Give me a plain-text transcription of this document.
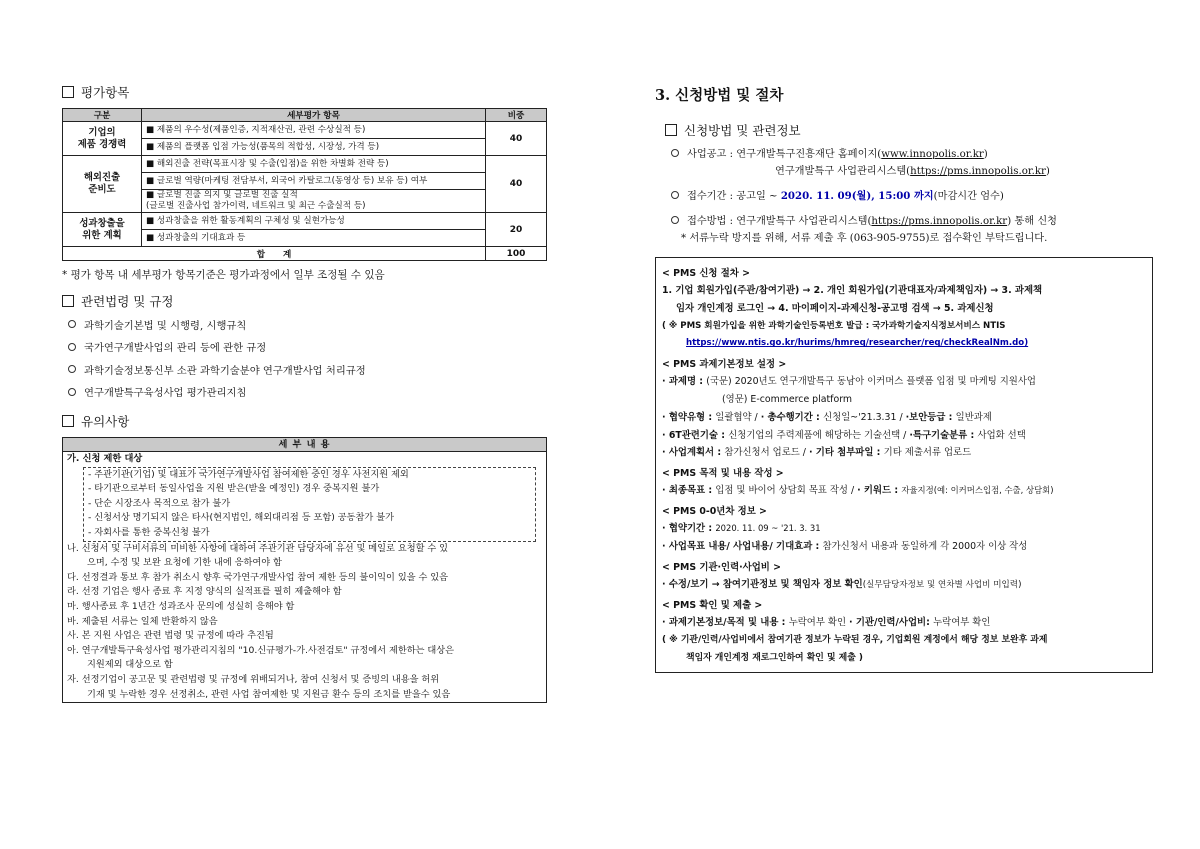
평가항목
구분	세부평가 항목	비중
기업의
제품 경쟁력	■ 제품의 우수성(제품인증, 지적재산권, 관련 수상실적 등)	40
	■ 제품의 플랫폼 입점 가능성(품목의 적합성, 시장성, 가격 등)	
해외진출
준비도	■ 해외진출 전략(목표시장 및 수출(입점)을 위한 차별화 전략 등)	40
	■ 글로벌 역량(마케팅 전담부서, 외국어 카탈로그(동영상 등) 보유 등) 여부	
	■ 글로벌 진출 의지 및 글로벌 진출 실적
(글로벌 진출사업 참가이력, 네트워크 및 최근 수출실적 등)	
성과창출을
위한 계획	■ 성과창출을 위한 활동계획의 구체성 및 실현가능성	20
	■ 성과창출의 기대효과 등	
합      계		100
* 평가 항목 내 세부평가 항목기준은 평가과정에서 일부 조정될 수 있음
관련법령 및 규정
과학기술기본법 및 시행령, 시행규칙
국가연구개발사업의 관리 등에 관한 규정
과학기술정보통신부 소관 과학기술분야 연구개발사업 처리규정
연구개발특구육성사업 평가관리지침
유의사항
세 부 내 용
가. 신청 제한 대상
- 주관기관(기업) 및 대표가 국가연구개발사업 참여제한 중인 경우 사전지원 제외
- 타기관으로부터 동일사업을 지원 받은(받을 예정인) 경우 중복지원 불가
- 단순 시장조사 목적으로 참가 불가
- 신청서상 명기되지 않은 타사(현지법인, 해외대리점 등 포함) 공동참가 불가
- 자회사를 통한 중복신청 불가
나. 신청서 및 구비서류의 미비한 사항에 대하여 주관기관 담당자에 유선 및 메일로 요청할 수 있
으며, 수정 및 보완 요청에 기한 내에 응하여야 함
다. 선정결과 통보 후 참가 취소시 향후 국가연구개발사업 참여 제한 등의 불이익이 있을 수 있음
라. 선정 기업은 행사 종료 후 지정 양식의 실적표를 필히 제출해야 함
마. 행사종료 후 1년간 성과조사 문의에 성실히 응해야 함
바. 제출된 서류는 일체 반환하지 않음
사. 본 지원 사업은 관련 법령 및 규정에 따라 추진됨
아. 연구개발특구육성사업 평가관리지침의 "10.신규평가-가.사전검토" 규정에서 제한하는 대상은
지원제외 대상으로 함
자. 선정기업이 공고문 및 관련법령 및 규정에 위배되거나, 참여 신청서 및 증빙의 내용을 허위
기재 및 누락한 경우 선정취소, 관련 사업 참여제한 및 지원금 환수 등의 조치를 받을수 있음
3. 신청방법 및 절차
신청방법 및 관련정보
사업공고 : 연구개발특구진흥재단 홈페이지(www.innopolis.or.kr)
연구개발특구 사업관리시스템(https://pms.innopolis.or.kr)
접수기간 : 공고일 ~ 2020. 11. 09(월), 15:00 까지(마감시간 엄수)
접수방법 : 연구개발특구 사업관리시스템(https://pms.innopolis.or.kr) 통해 신청
* 서류누락 방지를 위해, 서류 제출 후 (063-905-9755)로 접수확인 부탁드립니다.
< PMS 신청 절차 >
1. 기업 회원가입(주관/참여기관) → 2. 개인 회원가입(기관대표자/과제책임자) → 3. 과제책
임자 개인계정 로그인 → 4. 마이페이지-과제신청-공고명 검색 → 5. 과제신청
( ※ PMS 회원가입을 위한 과학기술인등록번호 발급 : 국가과학기술지식정보서비스 NTIS
https://www.ntis.go.kr/hurims/hmreq/researcher/req/checkRealNm.do)
< PMS 과제기본정보 설정 >
· 과제명 : (국문) 2020년도 연구개발특구 동남아 이커머스 플랫폼 입점 및 마케팅 지원사업
(영문) E-commerce platform
· 협약유형 : 일괄협약 / · 총수행기간 : 신청일~'21.3.31 / ·보안등급 : 일반과제
· 6T관련기술 : 신청기업의 주력제품에 해당하는 기술선택 / ·특구기술분류 : 사업화 선택
· 사업계획서 : 참가신청서 업로드 / · 기타 첨부파일 : 기타 제출서류 업로드
< PMS 목적 및 내용 작성 >
· 최종목표 : 입점 및 바이어 상담회 목표 작성 / · 키워드 : 자율지정(예: 이커머스입점, 수출, 상담회)
< PMS 0-0년차 정보 >
· 협약기간 : 2020. 11. 09 ~ '21. 3. 31
· 사업목표 내용/ 사업내용/ 기대효과 : 참가신청서 내용과 동일하게 각 2000자 이상 작성
< PMS 기관·인력·사업비 >
· 수정/보기 → 참여기관정보 및 책임자 정보 확인(실무담당자정보 및 연차별 사업비 미입력)
< PMS 확인 및 제출 >
· 과제기본정보/목적 및 내용 : 누락여부 확인 · 기관/인력/사업비: 누락여부 확인
( ※ 기관/인력/사업비에서 참여기관 정보가 누락된 경우, 기업회원 계정에서 해당 정보 보완후 과제
책임자 개인계정 재로그인하여 확인 및 제출 )
